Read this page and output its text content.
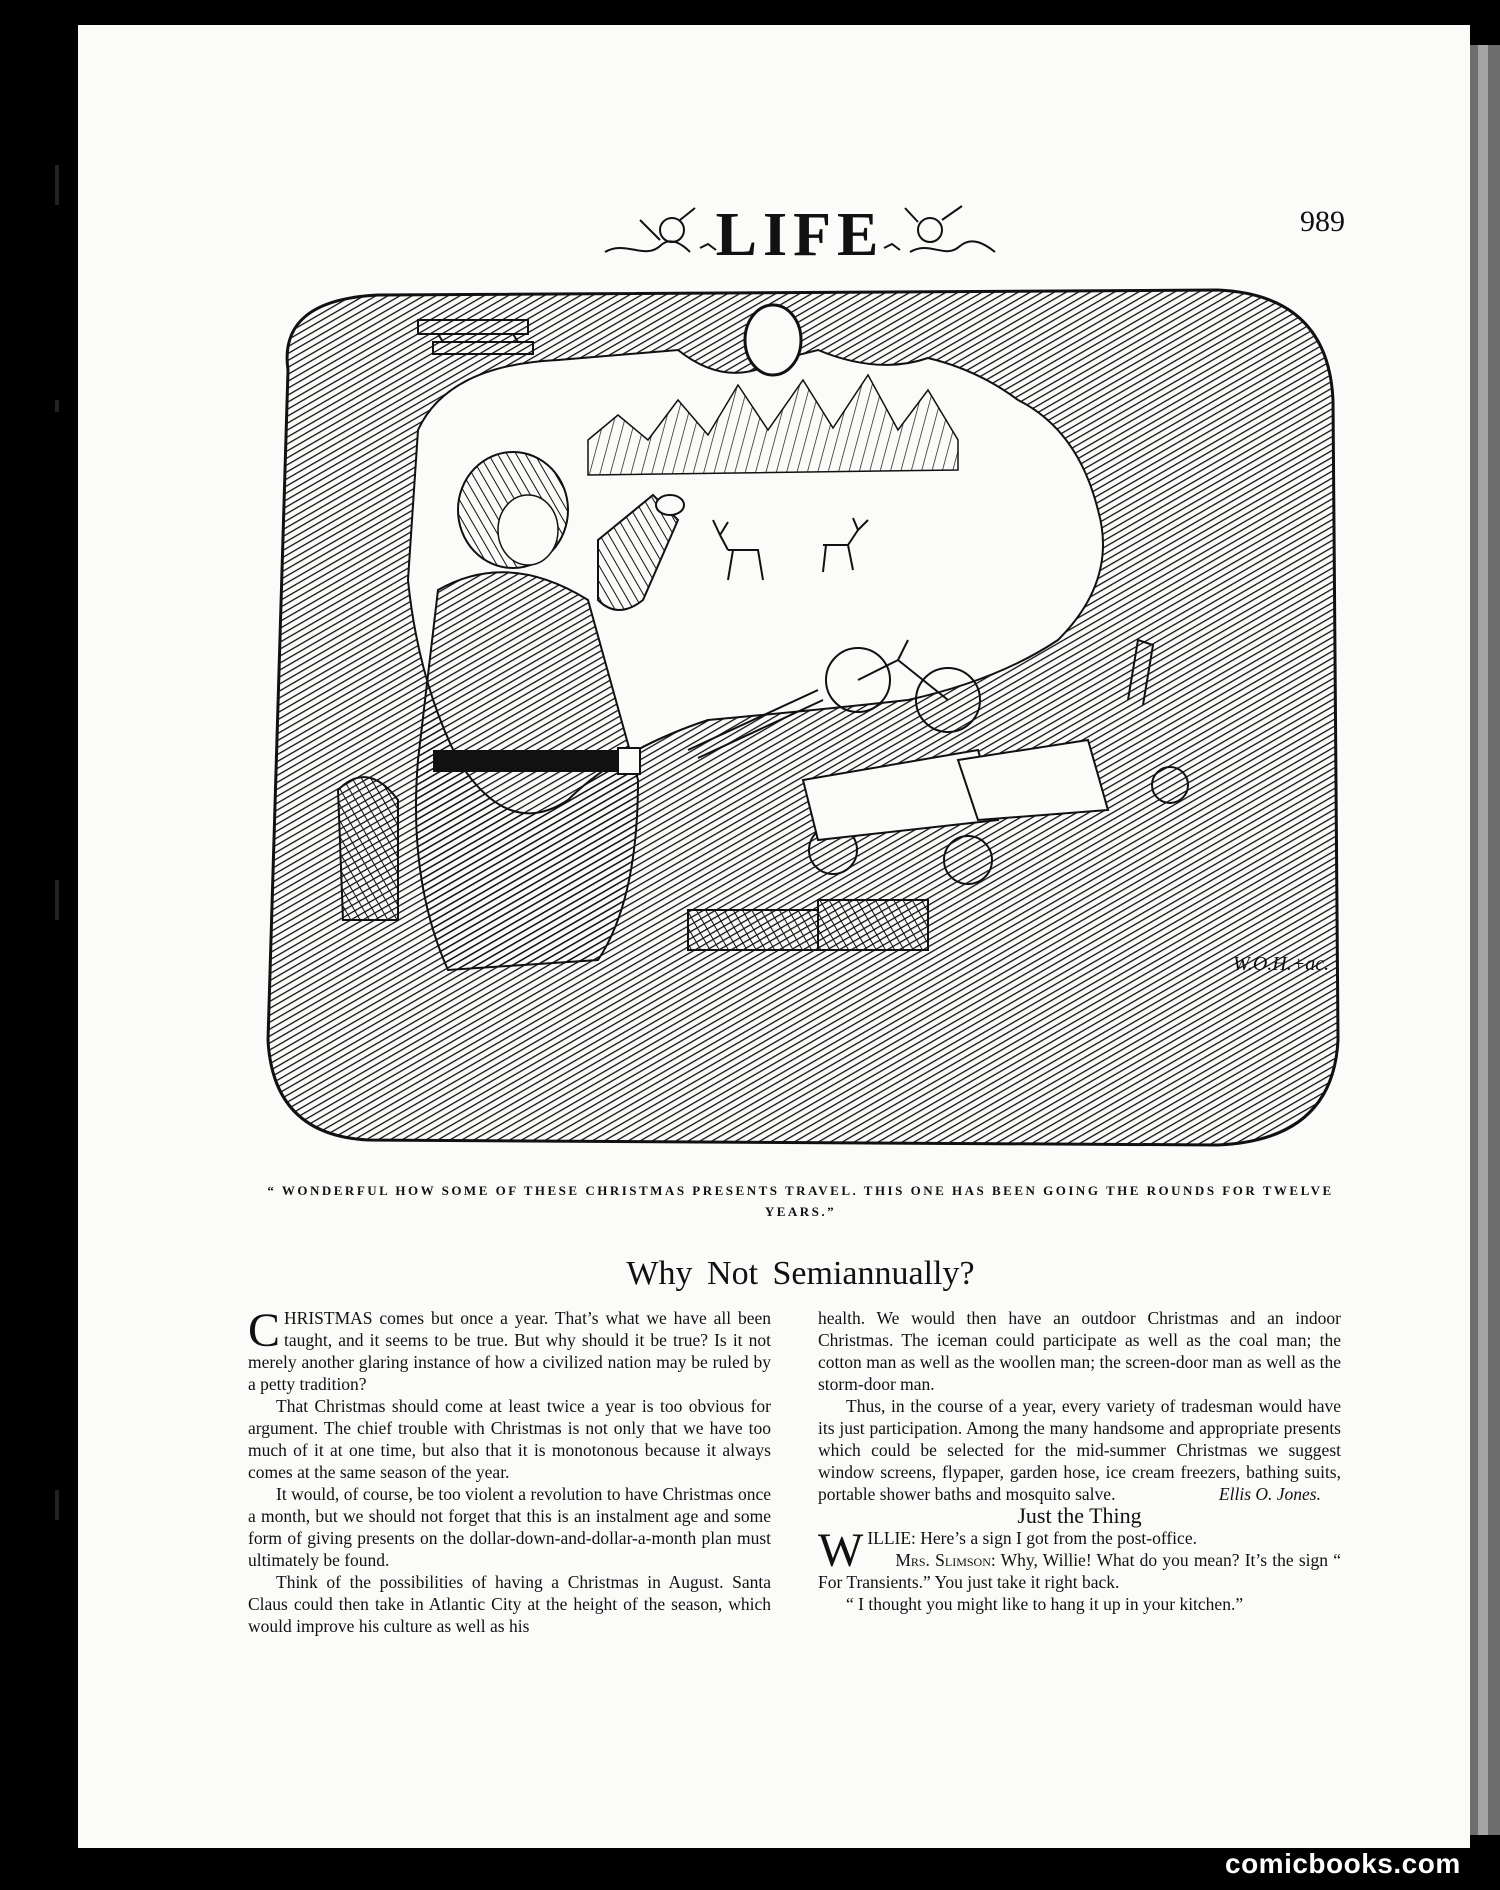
LIFE	989
W.O.H.+ac.
“ WONDERFUL HOW SOME OF THESE CHRISTMAS PRESENTS TRAVEL. THIS ONE HAS BEEN GOING THE ROUNDS FOR TWELVE YEARS.”
Why Not Semiannually?

CHRISTMAS comes but once a year. That’s what we have all been taught, and it seems to be true. But why should it be true? Is it not merely another glaring instance of how a civilized nation may be ruled by a petty tradition?

That Christmas should come at least twice a year is too obvious for argument. The chief trouble with Christmas is not only that we have too much of it at one time, but also that it is monotonous because it always comes at the same season of the year.

It would, of course, be too violent a revolution to have Christmas once a month, but we should not forget that this is an instalment age and some form of giving presents on the dollar-down-and-dollar-a-month plan must ultimately be found.

Think of the possibilities of having a Christmas in August. Santa Claus could then take in Atlantic City at the height of the season, which would improve his culture as well as his

health. We would then have an outdoor Christmas and an indoor Christmas. The iceman could participate as well as the coal man; the cotton man as well as the woollen man; the screen-door man as well as the storm-door man.

Thus, in the course of a year, every variety of tradesman would have its just participation. Among the many handsome and appropriate presents which could be selected for the mid-summer Christmas we suggest window screens, flypaper, garden hose, ice cream freezers, bathing suits, portable shower baths and mosquito salve.	Ellis O. Jones.

Just the Thing

WILLIE: Here’s a sign I got from the post-office.

Mrs. Slimson: Why, Willie! What do you mean? It’s the sign “ For Transients.” You just take it right back.

“ I thought you might like to hang it up in your kitchen.”

comicbooks.com
